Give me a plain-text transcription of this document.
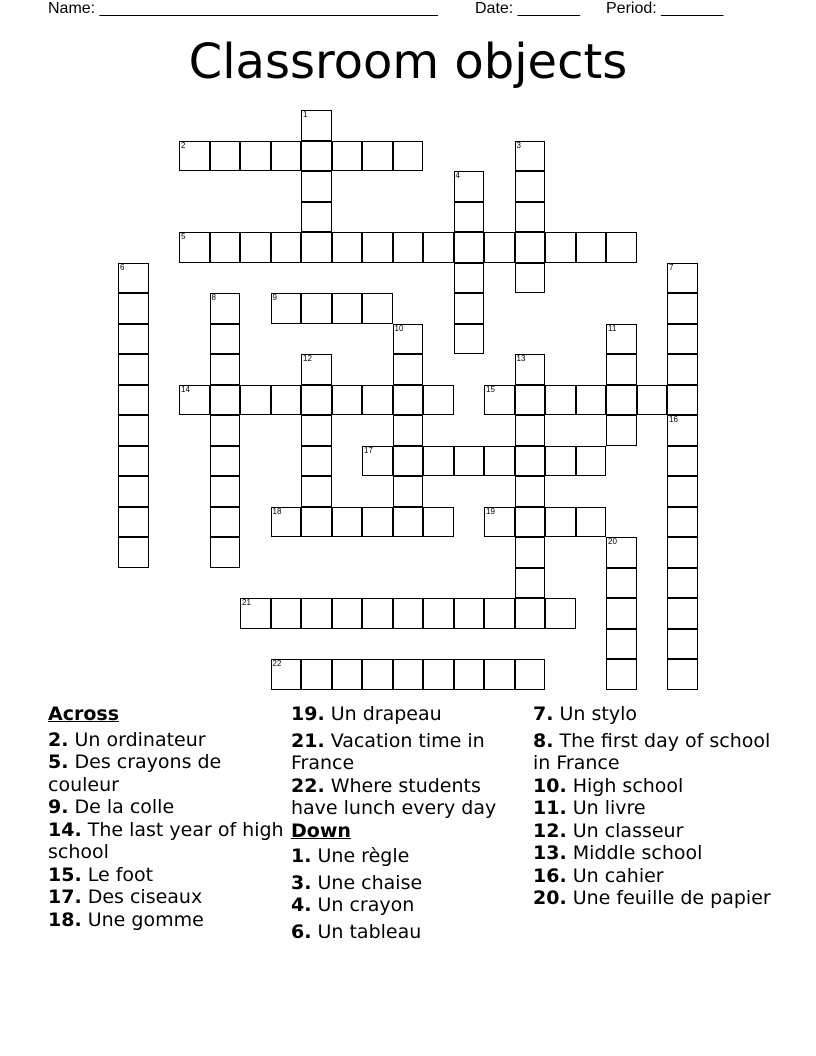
Name: ______________________________________ Date: _______ Period: _______
Classroom objects
1
2	3
4
5
6	7
8	9
10	11
12	13
14	15
16
17
18	19
20
21
22
Across
2. Un ordinateur
5. Des crayons de couleur
9. De la colle
14. The last year of high school
15. Le foot
17. Des ciseaux
18. Une gomme
19. Un drapeau
21. Vacation time in France
22. Where students have lunch every day
Down
1. Une règle
3. Une chaise
4. Un crayon
6. Un tableau
7. Un stylo
8. The first day of school in France
10. High school
11. Un livre
12. Un classeur
13. Middle school
16. Un cahier
20. Une feuille de papier
